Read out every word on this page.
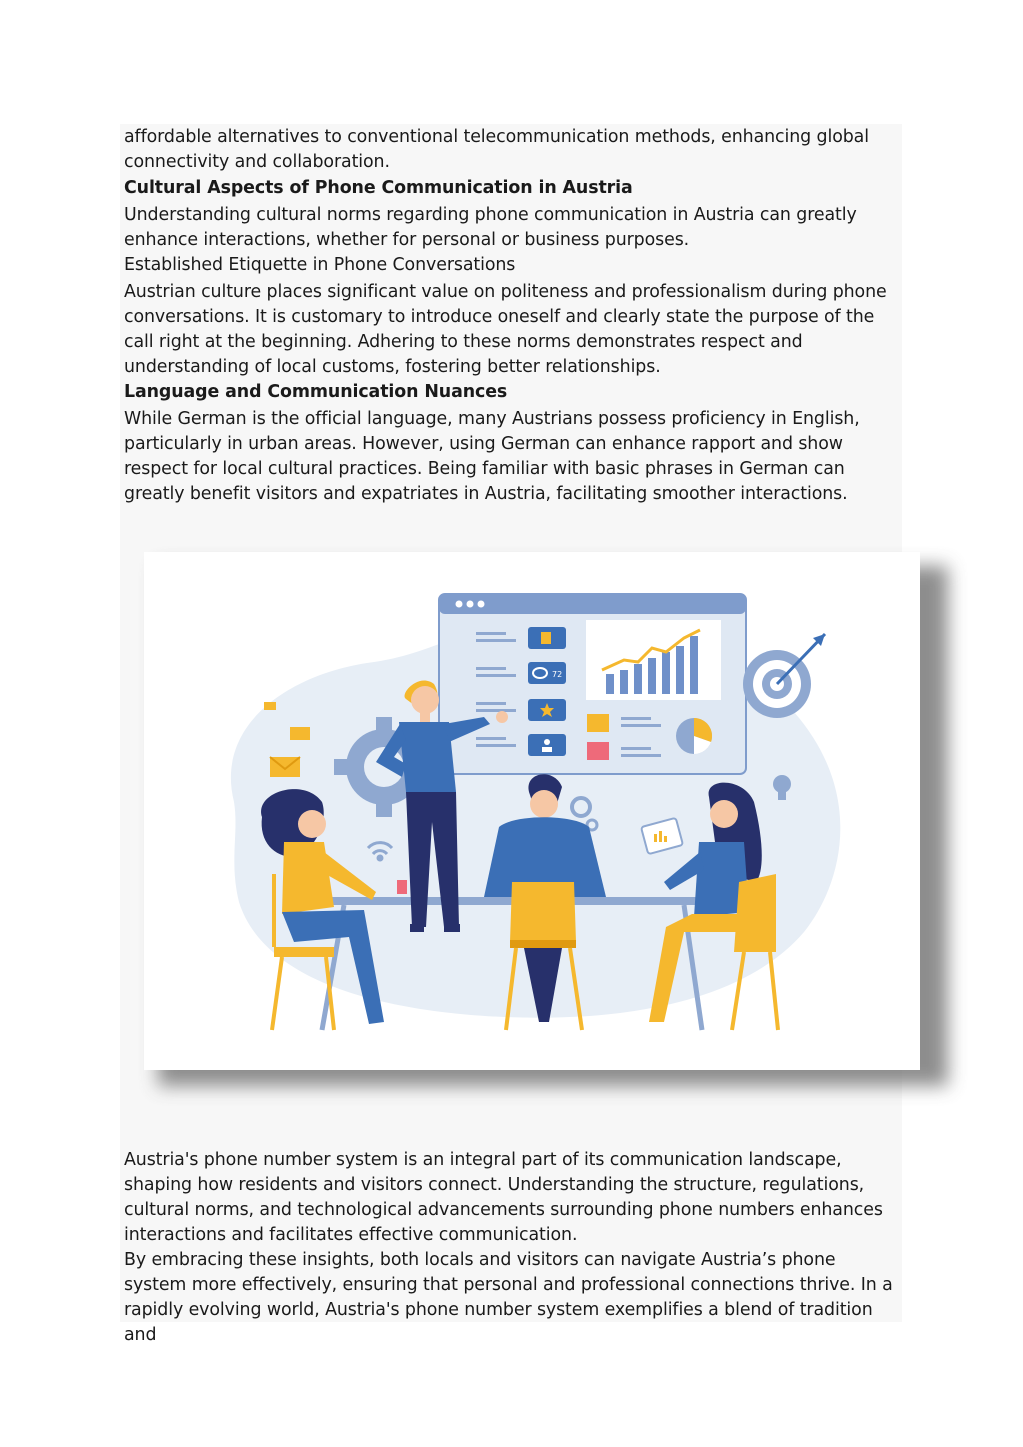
affordable alternatives to conventional telecommunication methods, enhancing global connectivity and collaboration.

Cultural Aspects of Phone Communication in Austria

Understanding cultural norms regarding phone communication in Austria can greatly enhance interactions, whether for personal or business purposes.

Established Etiquette in Phone Conversations

Austrian culture places significant value on politeness and professionalism during phone conversations. It is customary to introduce oneself and clearly state the purpose of the call right at the beginning. Adhering to these norms demonstrates respect and understanding of local customs, fostering better relationships.

Language and Communication Nuances

While German is the official language, many Austrians possess proficiency in English, particularly in urban areas. However, using German can enhance rapport and show respect for local cultural practices. Being familiar with basic phrases in German can greatly benefit visitors and expatriates in Austria, facilitating smoother interactions.

72

Austria's phone number system is an integral part of its communication landscape, shaping how residents and visitors connect. Understanding the structure, regulations, cultural norms, and technological advancements surrounding phone numbers enhances interactions and facilitates effective communication.

By embracing these insights, both locals and visitors can navigate Austria’s phone system more effectively, ensuring that personal and professional connections thrive. In a rapidly evolving world, Austria's phone number system exemplifies a blend of tradition and
